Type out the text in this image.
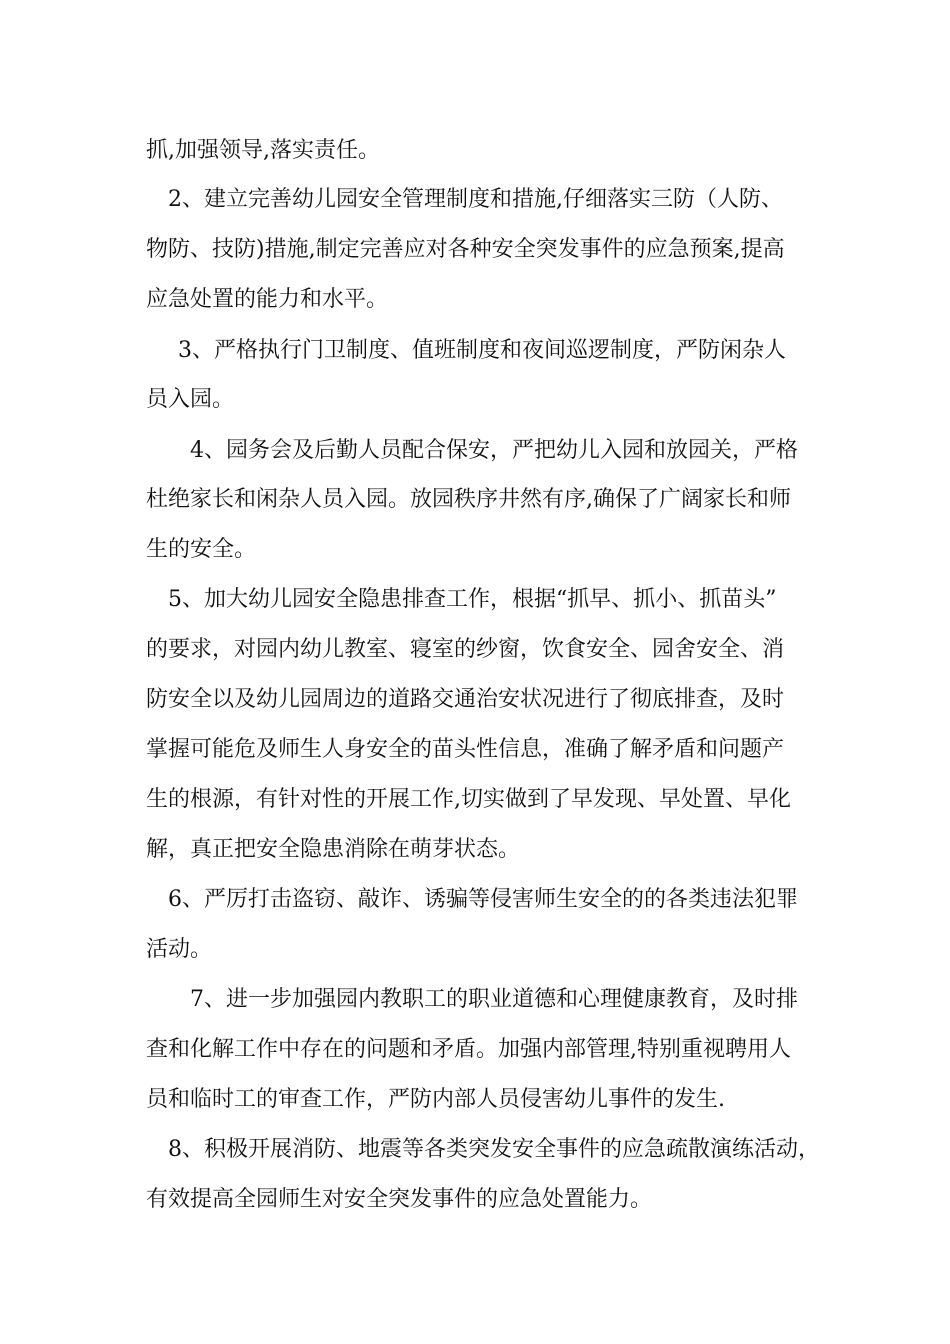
抓,加强领导,落实责任。
2、建立完善幼儿园安全管理制度和措施,仔细落实三防（人防、
物防、技防)措施,制定完善应对各种安全突发事件的应急预案,提高
应急处置的能力和水平。
3、严格执行门卫制度、值班制度和夜间巡逻制度，严防闲杂人
员入园。
4、园务会及后勤人员配合保安，严把幼儿入园和放园关，严格
杜绝家长和闲杂人员入园。放园秩序井然有序,确保了广阔家长和师
生的安全。
5、加大幼儿园安全隐患排查工作，根据“抓早、抓小、抓苗头”
的要求，对园内幼儿教室、寝室的纱窗，饮食安全、园舍安全、消
防安全以及幼儿园周边的道路交通治安状况进行了彻底排查，及时
掌握可能危及师生人身安全的苗头性信息，准确了解矛盾和问题产
生的根源，有针对性的开展工作,切实做到了早发现、早处置、早化
解，真正把安全隐患消除在萌芽状态。
6、严厉打击盗窃、敲诈、诱骗等侵害师生安全的的各类违法犯罪
活动。
7、进一步加强园内教职工的职业道德和心理健康教育，及时排
查和化解工作中存在的问题和矛盾。加强内部管理,特别重视聘用人
员和临时工的审查工作，严防内部人员侵害幼儿事件的发生.
8、积极开展消防、地震等各类突发安全事件的应急疏散演练活动，
有效提高全园师生对安全突发事件的应急处置能力。
